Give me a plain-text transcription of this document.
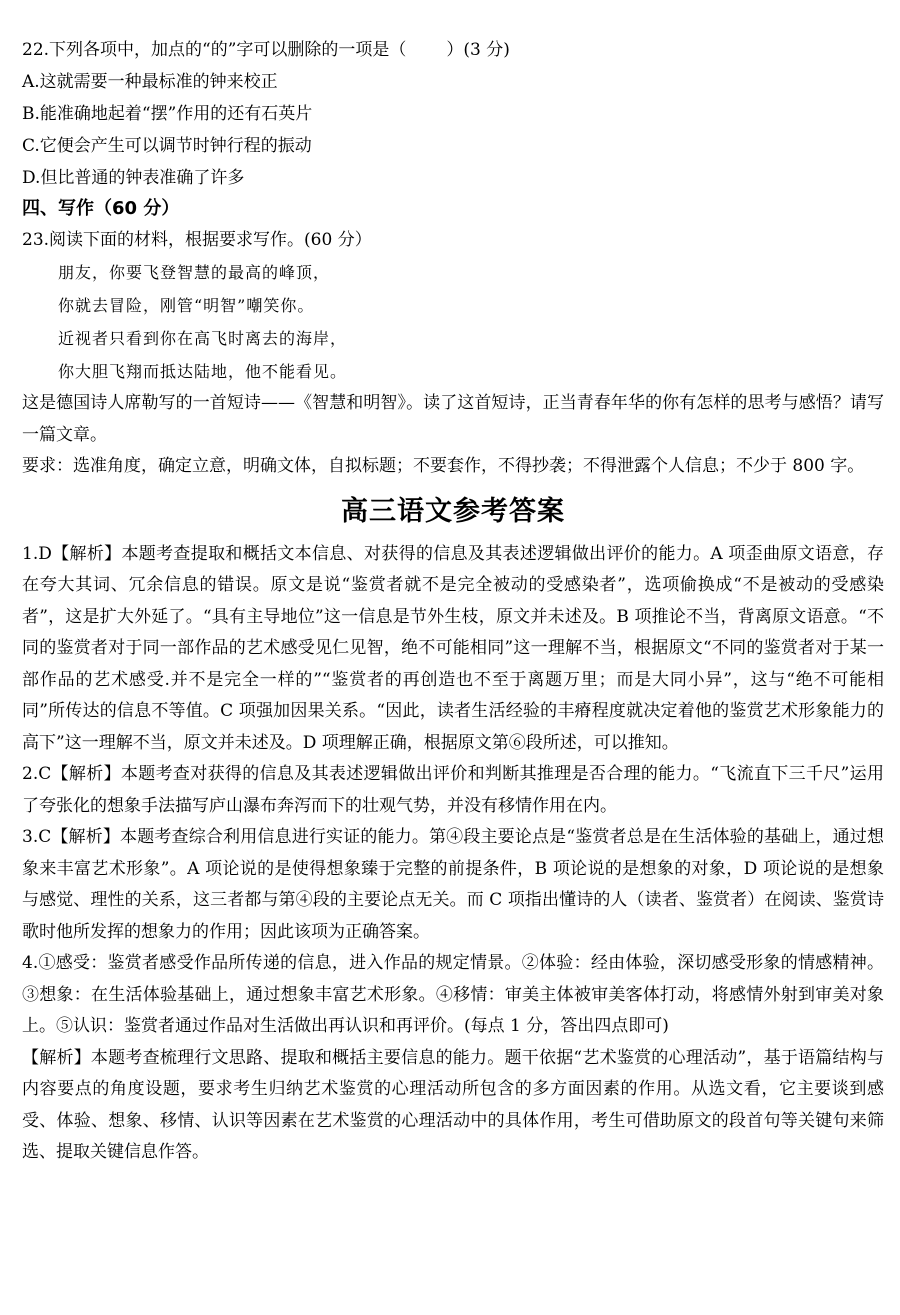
22.下列各项中，加点的“的”字可以删除的一项是（ ）(3 分)
A.这就需要一种最标准的钟来校正
B.能准确地起着“摆”作用的还有石英片
C.它便会产生可以调节时钟行程的振动
D.但比普通的钟表准确了许多
四、写作（60 分）
23.阅读下面的材料，根据要求写作。(60 分）
朋友，你要飞登智慧的最高的峰顶，
你就去冒险，刚管“明智”嘲笑你。
近视者只看到你在高飞时离去的海岸，
你大胆飞翔而抵达陆地，他不能看见。
这是德国诗人席勒写的一首短诗——《智慧和明智》。读了这首短诗，正当青春年华的你有怎样的思考与感悟？请写一篇文章。
要求：选准角度，确定立意，明确文体，自拟标题；不要套作，不得抄袭；不得泄露个人信息；不少于 800 字。
高三语文参考答案
1.D【解析】本题考查提取和概括文本信息、对获得的信息及其表述逻辑做出评价的能力。A 项歪曲原文语意，存在夸大其词、冗余信息的错误。原文是说“鉴赏者就不是完全被动的受感染者”，选项偷换成“不是被动的受感染者”，这是扩大外延了。“具有主导地位”这一信息是节外生枝，原文并未述及。B 项推论不当，背离原文语意。“不同的鉴赏者对于同一部作品的艺术感受见仁见智，绝不可能相同”这一理解不当，根据原文“不同的鉴赏者对于某一部作品的艺术感受.并不是完全一样的”“鉴赏者的再创造也不至于离题万里；而是大同小异”，这与“绝不可能相同”所传达的信息不等值。C 项强加因果关系。“因此，读者生活经验的丰瘠程度就决定着他的鉴赏艺术形象能力的高下”这一理解不当，原文并未述及。D 项理解正确，根据原文第⑥段所述，可以推知。
2.C【解析】本题考查对获得的信息及其表述逻辑做出评价和判断其推理是否合理的能力。“飞流直下三千尺”运用了夸张化的想象手法描写庐山瀑布奔泻而下的壮观气势，并没有移情作用在内。
3.C【解析】本题考查综合利用信息进行实证的能力。第④段主要论点是“鉴赏者总是在生活体验的基础上，通过想象来丰富艺术形象”。A 项论说的是使得想象臻于完整的前提条件，B 项论说的是想象的对象，D 项论说的是想象与感觉、理性的关系，这三者都与第④段的主要论点无关。而 C 项指出懂诗的人（读者、鉴赏者）在阅读、鉴赏诗歌时他所发挥的想象力的作用；因此该项为正确答案。
4.①感受：鉴赏者感受作品所传递的信息，进入作品的规定情景。②体验：经由体验，深切感受形象的情感精神。③想象：在生活体验基础上，通过想象丰富艺术形象。④移情：审美主体被审美客体打动，将感情外射到审美对象上。⑤认识：鉴赏者通过作品对生活做出再认识和再评价。(每点 1 分，答出四点即可)
【解析】本题考查梳理行文思路、提取和概括主要信息的能力。题干依据“艺术鉴赏的心理活动”，基于语篇结构与内容要点的角度设题，要求考生归纳艺术鉴赏的心理活动所包含的多方面因素的作用。从选文看，它主要谈到感受、体验、想象、移情、认识等因素在艺术鉴赏的心理活动中的具体作用，考生可借助原文的段首句等关键句来筛选、提取关键信息作答。
